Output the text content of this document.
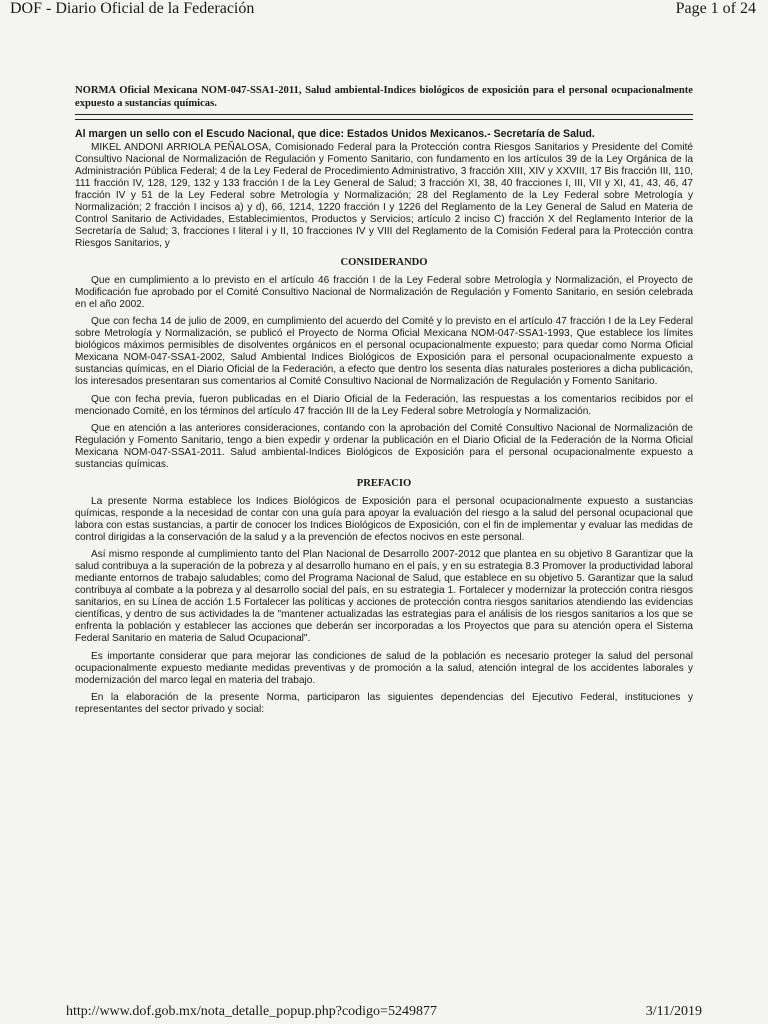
DOF - Diario Oficial de la Federación	Page 1 of 24

NORMA Oficial Mexicana NOM-047-SSA1-2011, Salud ambiental-Indices biológicos de exposición para el personal ocupacionalmente expuesto a sustancias químicas.

Al margen un sello con el Escudo Nacional, que dice: Estados Unidos Mexicanos.- Secretaría de Salud.

MIKEL ANDONI ARRIOLA PEÑALOSA, Comisionado Federal para la Protección contra Riesgos Sanitarios y Presidente del Comité Consultivo Nacional de Normalización de Regulación y Fomento Sanitario, con fundamento en los artículos 39 de la Ley Orgánica de la Administración Pública Federal; 4 de la Ley Federal de Procedimiento Administrativo, 3 fracción XIII, XIV y XXVIII, 17 Bis fracción III, 110, 111 fracción IV, 128, 129, 132 y 133 fracción I de la Ley General de Salud; 3 fracción XI, 38, 40 fracciones I, III, VII y XI, 41, 43, 46, 47 fracción IV y 51 de la Ley Federal sobre Metrología y Normalización; 28 del Reglamento de la Ley Federal sobre Metrología y Normalización; 2 fracción I incisos a) y d), 66, 1214, 1220 fracción I y 1226 del Reglamento de la Ley General de Salud en Materia de Control Sanitario de Actividades, Establecimientos, Productos y Servicios; artículo 2 inciso C) fracción X del Reglamento Interior de la Secretaría de Salud; 3, fracciones I literal i y II, 10 fracciones IV y VIII del Reglamento de la Comisión Federal para la Protección contra Riesgos Sanitarios, y

CONSIDERANDO

Que en cumplimiento a lo previsto en el artículo 46 fracción I de la Ley Federal sobre Metrología y Normalización, el Proyecto de Modificación fue aprobado por el Comité Consultivo Nacional de Normalización de Regulación y Fomento Sanitario, en sesión celebrada en el año 2002.

Que con fecha 14 de julio de 2009, en cumplimiento del acuerdo del Comité y lo previsto en el artículo 47 fracción I de la Ley Federal sobre Metrología y Normalización, se publicó el Proyecto de Norma Oficial Mexicana NOM-047-SSA1-1993, Que establece los límites biológicos máximos permisibles de disolventes orgánicos en el personal ocupacionalmente expuesto; para quedar como Norma Oficial Mexicana NOM-047-SSA1-2002, Salud Ambiental Indices Biológicos de Exposición para el personal ocupacionalmente expuesto a sustancias químicas, en el Diario Oficial de la Federación, a efecto que dentro los sesenta días naturales posteriores a dicha publicación, los interesados presentaran sus comentarios al Comité Consultivo Nacional de Normalización de Regulación y Fomento Sanitario.

Que con fecha previa, fueron publicadas en el Diario Oficial de la Federación, las respuestas a los comentarios recibidos por el mencionado Comité, en los términos del artículo 47 fracción III de la Ley Federal sobre Metrología y Normalización.

Que en atención a las anteriores consideraciones, contando con la aprobación del Comité Consultivo Nacional de Normalización de Regulación y Fomento Sanitario, tengo a bien expedir y ordenar la publicación en el Diario Oficial de la Federación de la Norma Oficial Mexicana NOM-047-SSA1-2011. Salud ambiental-Indices Biológicos de Exposición para el personal ocupacionalmente expuesto a sustancias químicas.

PREFACIO

La presente Norma establece los Indices Biológicos de Exposición para el personal ocupacionalmente expuesto a sustancias químicas, responde a la necesidad de contar con una guía para apoyar la evaluación del riesgo a la salud del personal ocupacional que labora con estas sustancias, a partir de conocer los Indices Biológicos de Exposición, con el fin de implementar y evaluar las medidas de control dirigidas a la conservación de la salud y a la prevención de efectos nocivos en este personal.

Así mismo responde al cumplimiento tanto del Plan Nacional de Desarrollo 2007-2012 que plantea en su objetivo 8 Garantizar que la salud contribuya a la superación de la pobreza y al desarrollo humano en el país, y en su estrategia 8.3 Promover la productividad laboral mediante entornos de trabajo saludables; como del Programa Nacional de Salud, que establece en su objetivo 5. Garantizar que la salud contribuya al combate a la pobreza y al desarrollo social del país, en su estrategia 1. Fortalecer y modernizar la protección contra riesgos sanitarios, en su Línea de acción 1.5 Fortalecer las políticas y acciones de protección contra riesgos sanitarios atendiendo las evidencias científicas, y dentro de sus actividades la de "mantener actualizadas las estrategias para el análisis de los riesgos sanitarios a los que se enfrenta la población y establecer las acciones que deberán ser incorporadas a los Proyectos que para su atención opera el Sistema Federal Sanitario en materia de Salud Ocupacional".

Es importante considerar que para mejorar las condiciones de salud de la población es necesario proteger la salud del personal ocupacionalmente expuesto mediante medidas preventivas y de promoción a la salud, atención integral de los accidentes laborales y modernización del marco legal en materia del trabajo.

En la elaboración de la presente Norma, participaron las siguientes dependencias del Ejecutivo Federal, instituciones y representantes del sector privado y social:

http://www.dof.gob.mx/nota_detalle_popup.php?codigo=5249877	3/11/2019
